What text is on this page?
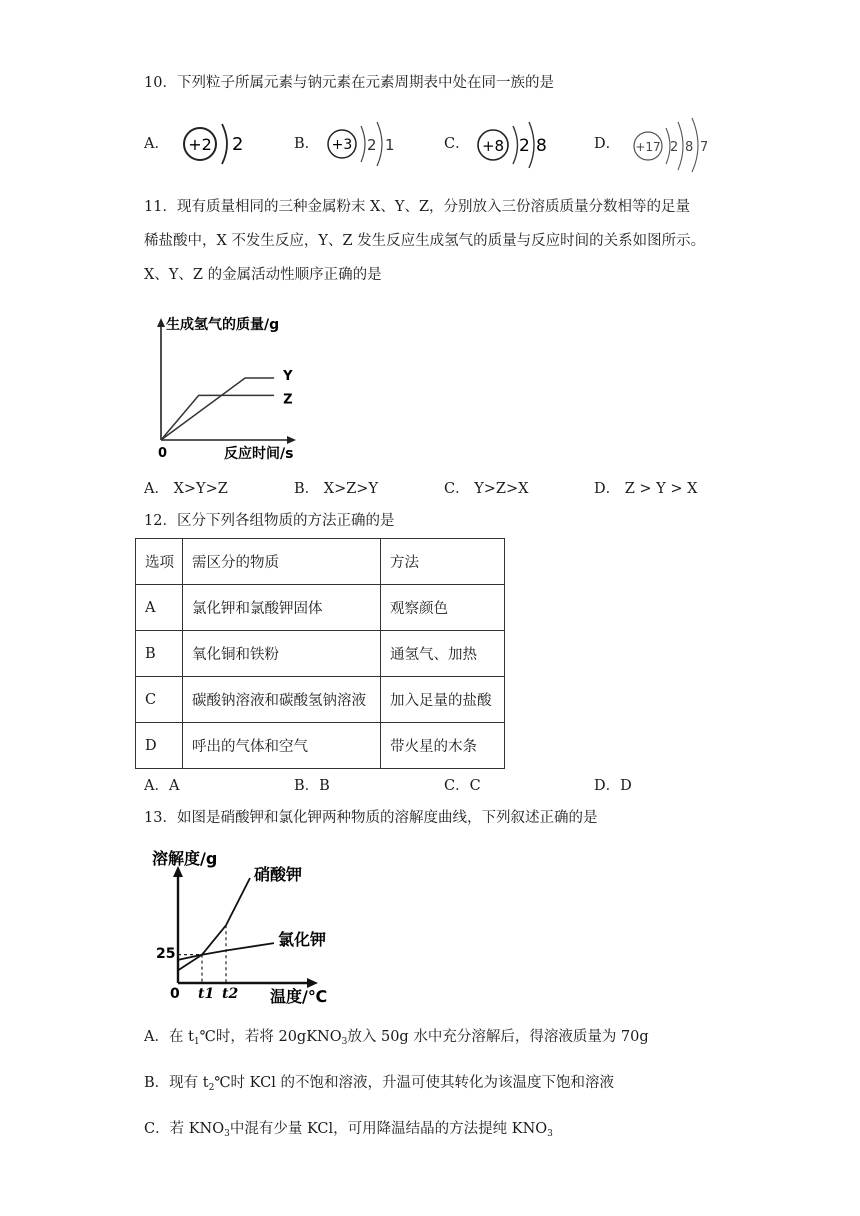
10．下列粒子所属元素与钠元素在元素周期表中处在同一族的是
A． +2 2	B． +3 2 1	C． +8 2 8	D． +17 2 8 7
11．现有质量相同的三种金属粉末 X、Y、Z，分别放入三份溶质质量分数相等的足量
稀盐酸中，X 不发生反应，Y、Z 发生反应生成氢气的质量与反应时间的关系如图所示。
X、Y、Z 的金属活动性顺序正确的是
生成氢气的质量/g
反应时间/s
0
Y
Z
A． X>Y>Z	B． X>Z>Y	C． Y>Z>X	D． Z > Y > X
12．区分下列各组物质的方法正确的是
选项	需区分的物质	方法
A	氯化钾和氯酸钾固体	观察颜色
B	氧化铜和铁粉	通氢气、加热
C	碳酸钠溶液和碳酸氢钠溶液	加入足量的盐酸
D	呼出的气体和空气	带火星的木条
A．A	B．B	C．C	D．D
13．如图是硝酸钾和氯化钾两种物质的溶解度曲线，下列叙述正确的是
溶解度/g
温度/℃
0
25
硝酸钾
氯化钾
t1 t2
A．在 $t_1℃$时，若将 20gKNO$_3$放入 50g 水中充分溶解后，得溶液质量为 70g
B．现有 $t_2℃$时 KCl 的不饱和溶液，升温可使其转化为该温度下饱和溶液
C．若 $KNO_3$中混有少量 KCl，可用降温结晶的方法提纯 $KNO_3$
